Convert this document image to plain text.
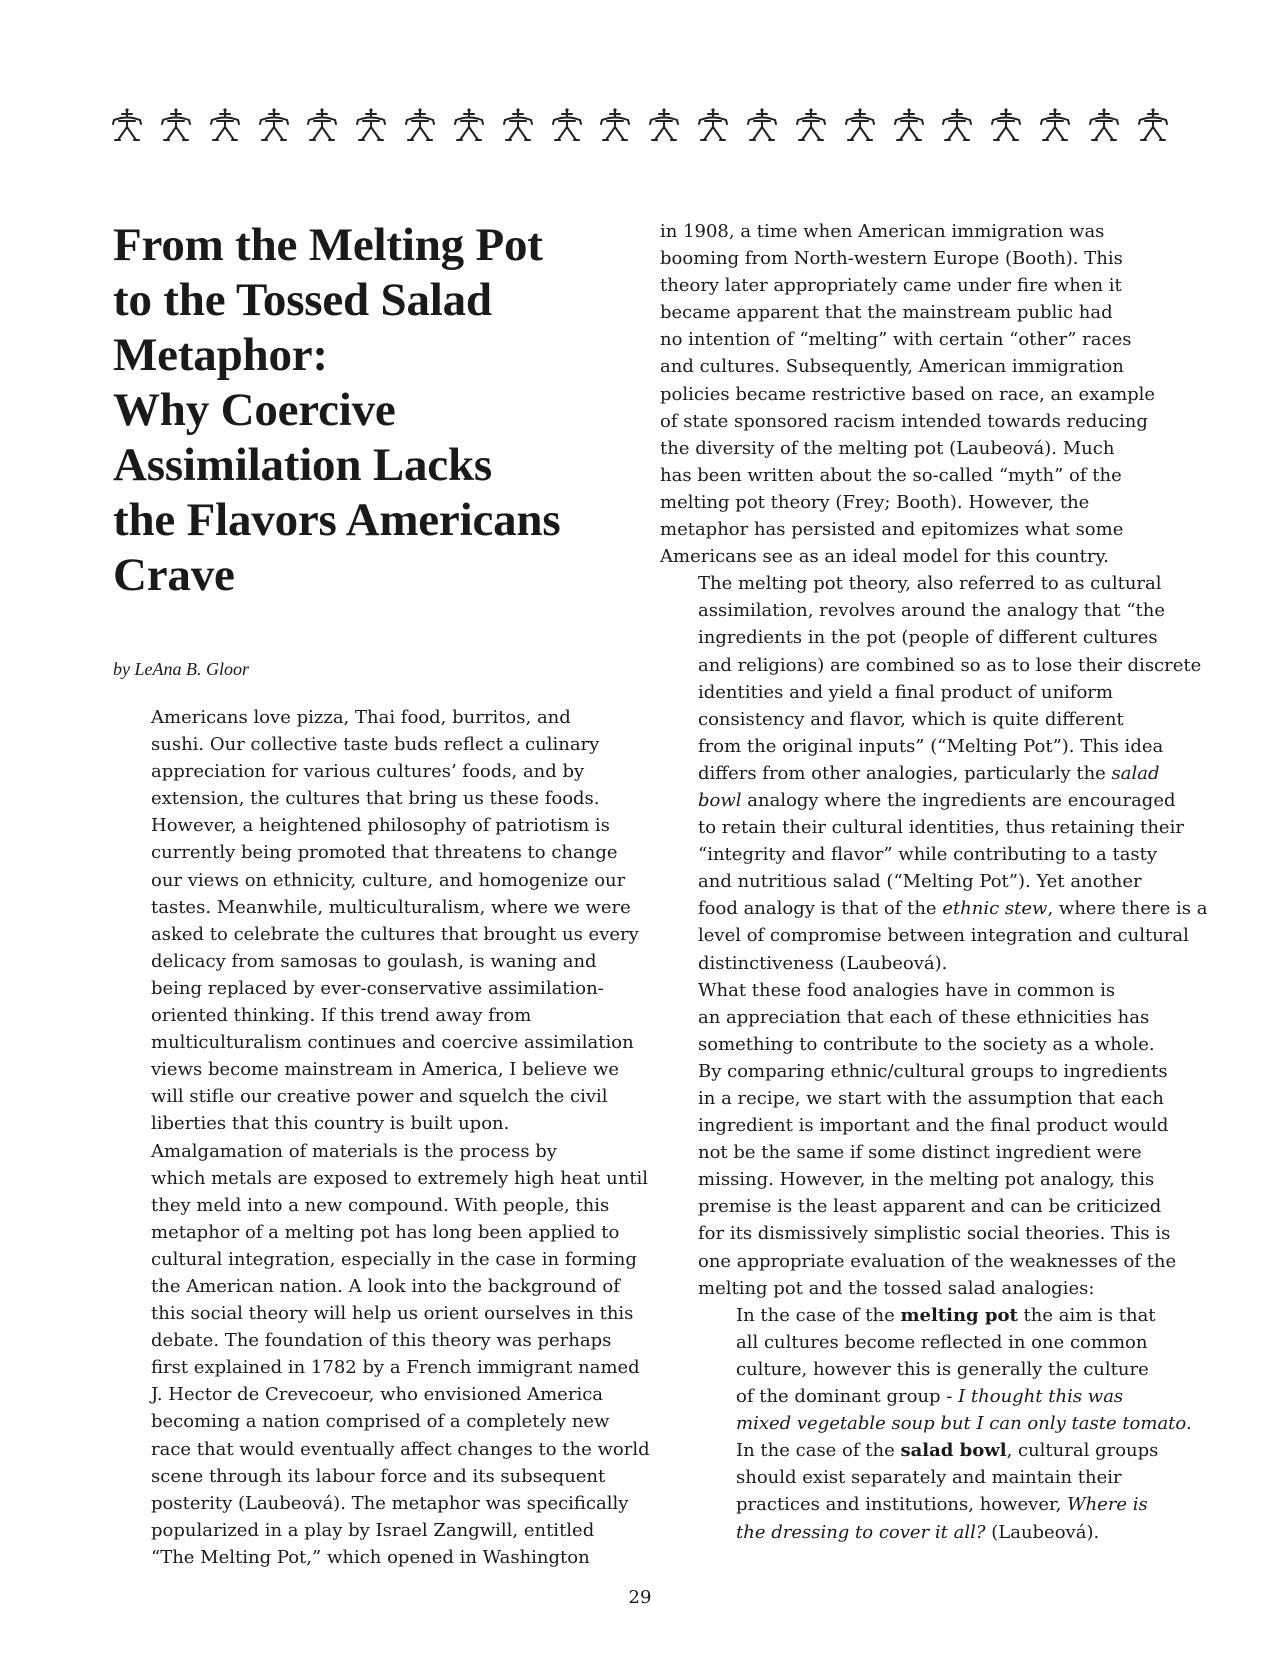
From the Melting Pot
to the Tossed Salad
Metaphor:
Why Coercive
Assimilation Lacks
the Flavors Americans
Crave
by LeAna B. Gloor

Americans love pizza, Thai food, burritos, and
sushi. Our collective taste buds reflect a culinary
appreciation for various cultures’ foods, and by
extension, the cultures that bring us these foods.
However, a heightened philosophy of patriotism is
currently being promoted that threatens to change
our views on ethnicity, culture, and homogenize our
tastes. Meanwhile, multiculturalism, where we were
asked to celebrate the cultures that brought us every
delicacy from samosas to goulash, is waning and
being replaced by ever-conservative assimilation-
oriented thinking. If this trend away from
multiculturalism continues and coercive assimilation
views become mainstream in America, I believe we
will stifle our creative power and squelch the civil
liberties that this country is built upon.

Amalgamation of materials is the process by
which metals are exposed to extremely high heat until
they meld into a new compound. With people, this
metaphor of a melting pot has long been applied to
cultural integration, especially in the case in forming
the American nation. A look into the background of
this social theory will help us orient ourselves in this
debate. The foundation of this theory was perhaps
first explained in 1782 by a French immigrant named
J. Hector de Crevecoeur, who envisioned America
becoming a nation comprised of a completely new
race that would eventually affect changes to the world
scene through its labour force and its subsequent
posterity (Laubeová). The metaphor was specifically
popularized in a play by Israel Zangwill, entitled
“The Melting Pot,” which opened in Washington

in 1908, a time when American immigration was
booming from North-western Europe (Booth). This
theory later appropriately came under fire when it
became apparent that the mainstream public had
no intention of “melting” with certain “other” races
and cultures. Subsequently, American immigration
policies became restrictive based on race, an example
of state sponsored racism intended towards reducing
the diversity of the melting pot (Laubeová). Much
has been written about the so-called “myth” of the
melting pot theory (Frey; Booth). However, the
metaphor has persisted and epitomizes what some
Americans see as an ideal model for this country.

The melting pot theory, also referred to as cultural
assimilation, revolves around the analogy that “the
ingredients in the pot (people of different cultures
and religions) are combined so as to lose their discrete
identities and yield a final product of uniform
consistency and flavor, which is quite different
from the original inputs” (“Melting Pot”). This idea
differs from other analogies, particularly the salad
bowl analogy where the ingredients are encouraged
to retain their cultural identities, thus retaining their
“integrity and flavor” while contributing to a tasty
and nutritious salad (“Melting Pot”). Yet another
food analogy is that of the ethnic stew, where there is a
level of compromise between integration and cultural
distinctiveness (Laubeová).

What these food analogies have in common is
an appreciation that each of these ethnicities has
something to contribute to the society as a whole.
By comparing ethnic/cultural groups to ingredients
in a recipe, we start with the assumption that each
ingredient is important and the final product would
not be the same if some distinct ingredient were
missing. However, in the melting pot analogy, this
premise is the least apparent and can be criticized
for its dismissively simplistic social theories. This is
one appropriate evaluation of the weaknesses of the
melting pot and the tossed salad analogies:

In the case of the melting pot the aim is that
all cultures become reflected in one common
culture, however this is generally the culture
of the dominant group - I thought this was
mixed vegetable soup but I can only taste tomato.
In the case of the salad bowl, cultural groups
should exist separately and maintain their
practices and institutions, however, Where is
the dressing to cover it all? (Laubeová).
29
